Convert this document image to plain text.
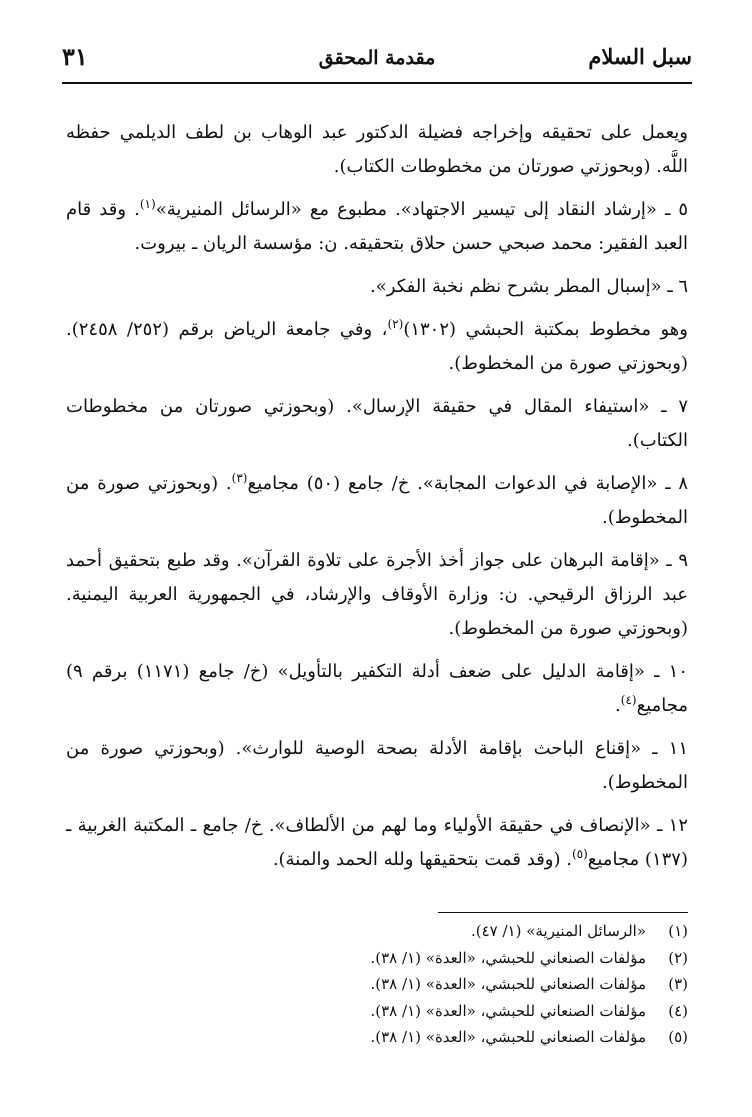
سبل السلام
مقدمة المحقق
٣١

ويعمل على تحقيقه وإخراجه فضيلة الدكتور عبد الوهاب بن لطف الديلمي حفظه اللَّه. (وبحوزتي صورتان من مخطوطات الكتاب).

٥ ـ «إرشاد النقاد إلى تيسير الاجتهاد». مطبوع مع «الرسائل المنيرية»$^{(١)}$. وقد قام العبد الفقير: محمد صبحي حسن حلاق بتحقيقه. ن: مؤسسة الريان ـ بيروت.

٦ ـ «إسبال المطر بشرح نظم نخبة الفكر».

وهو مخطوط بمكتبة الحبشي (١٣٠٢)$^{(٢)}$، وفي جامعة الرياض برقم (٢٥٢/ ٢٤٥٨). (وبحوزتي صورة من المخطوط).

٧ ـ «استيفاء المقال في حقيقة الإرسال». (وبحوزتي صورتان من مخطوطات الكتاب).

٨ ـ «الإصابة في الدعوات المجابة». خ/ جامع (٥٠) مجاميع$^{(٣)}$. (وبحوزتي صورة من المخطوط).

٩ ـ «إقامة البرهان على جواز أخذ الأجرة على تلاوة القرآن». وقد طبع بتحقيق أحمد عبد الرزاق الرقيحي. ن: وزارة الأوقاف والإرشاد، في الجمهورية العربية اليمنية. (وبحوزتي صورة من المخطوط).

١٠ ـ «إقامة الدليل على ضعف أدلة التكفير بالتأويل» (خ/ جامع (١١٧١) برقم ٩) مجاميع$^{(٤)}$.

١١ ـ «إقناع الباحث بإقامة الأدلة بصحة الوصية للوارث». (وبحوزتي صورة من المخطوط).

١٢ ـ «الإنصاف في حقيقة الأولياء وما لهم من الألطاف». خ/ جامع ـ المكتبة الغربية ـ (١٣٧) مجاميع$^{(٥)}$. (وقد قمت بتحقيقها ولله الحمد والمنة).

(١)«الرسائل المنيرية» (١/ ٤٧).
(٢)مؤلفات الصنعاني للحبشي، «العدة» (١/ ٣٨).
(٣)مؤلفات الصنعاني للحبشي، «العدة» (١/ ٣٨).
(٤)مؤلفات الصنعاني للحبشي، «العدة» (١/ ٣٨).
(٥)مؤلفات الصنعاني للحبشي، «العدة» (١/ ٣٨).
